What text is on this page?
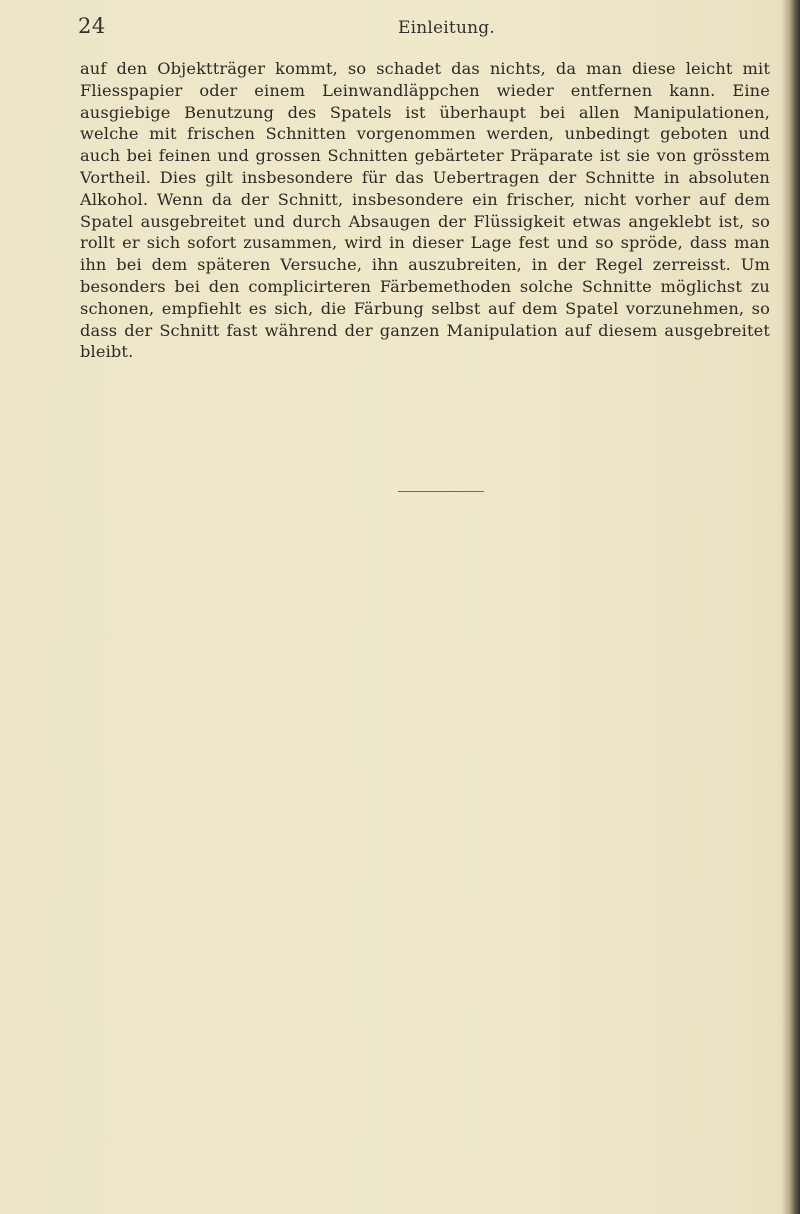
24	Einleitung.

auf den Objektträger kommt, so schadet das nichts, da man diese leicht mit Fliesspapier oder einem Leinwandläppchen wieder entfernen kann. Eine ausgiebige Benutzung des Spatels ist überhaupt bei allen Manipulationen, welche mit frischen Schnitten vorgenommen werden, unbedingt geboten und auch bei feinen und grossen Schnitten gebärteter Präparate ist sie von grösstem Vortheil. Dies gilt insbesondere für das Uebertragen der Schnitte in absoluten Alkohol. Wenn da der Schnitt, insbesondere ein frischer, nicht vorher auf dem Spatel ausgebreitet und durch Absaugen der Flüssigkeit etwas angeklebt ist, so rollt er sich sofort zusammen, wird in dieser Lage fest und so spröde, dass man ihn bei dem späteren Versuche, ihn auszubreiten, in der Regel zerreisst. Um besonders bei den complicirteren Färbemethoden solche Schnitte möglichst zu schonen, empfiehlt es sich, die Färbung selbst auf dem Spatel vorzunehmen, so dass der Schnitt fast während der ganzen Manipulation auf diesem ausgebreitet bleibt.
